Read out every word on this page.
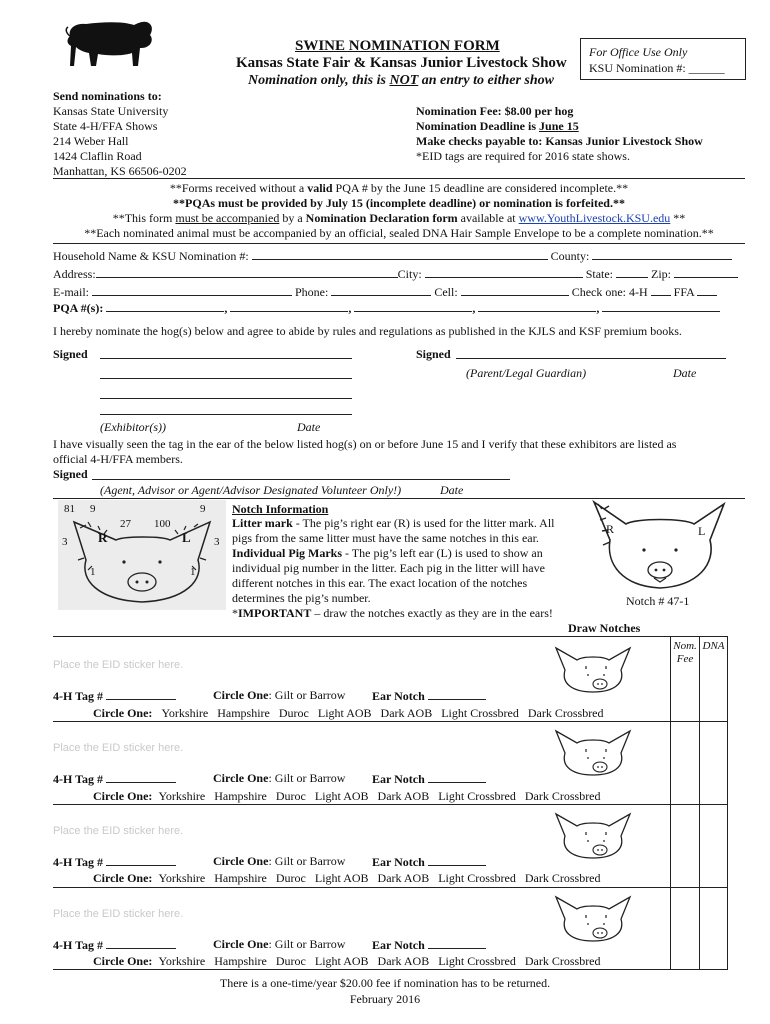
SWINE NOMINATION FORM
Kansas State Fair & Kansas Junior Livestock Show
Nomination only, this is NOT an entry to either show
For Office Use Only
KSU Nomination #: ______
Send nominations to:
Kansas State University
State 4-H/FFA Shows
214 Weber Hall
1424 Claflin Road
Manhattan, KS 66506-0202
Nomination Fee: $8.00 per hog
Nomination Deadline is June 15
Make checks payable to: Kansas Junior Livestock Show
*EID tags are required for 2016 state shows.
**Forms received without a valid PQA # by the June 15 deadline are considered incomplete.**
**PQAs must be provided by July 15 (incomplete deadline) or nomination is forfeited.**
**This form must be accompanied by a Nomination Declaration form available at www.YouthLivestock.KSU.edu **
**Each nominated animal must be accompanied by an official, sealed DNA Hair Sample Envelope to be a complete nomination.**
Household Name & KSU Nomination #:	County:
Address:	City:	State:	Zip:
E-mail:	Phone:	Cell:	Check one: 4-H FFA
PQA #(s):	,	,	,	,
I hereby nominate the hog(s) below and agree to abide by rules and regulations as published in the KJLS and KSF premium books.
Signed
(Exhibitor(s))	Date
Signed
(Parent/Legal Guardian)	Date
I have visually seen the tag in the ear of the below listed hog(s) on or before June 15 and I verify that these exhibitors are listed as
official 4-H/FFA members.
Signed
(Agent, Advisor or Agent/Advisor Designated Volunteer Only!)	Date
81 9	9
27 100
3	3
1	1
R	L
Notch Information
Litter mark - The pig’s right ear (R) is used for the litter mark. All
pigs from the same litter must have the same notches in this ear.
Individual Pig Marks - The pig’s left ear (L) is used to show an
individual pig number in the litter. Each pig in the litter will have
different notches in this ear. The exact location of the notches
determines the pig’s number.
*IMPORTANT – draw the notches exactly as they are in the ears!
R	L
Notch # 47-1
Draw Notches
Nom. Fee
DNA
Place the EID sticker here.
4-H Tag #	Circle One: Gilt or Barrow Ear Notch
Circle One: Yorkshire   Hampshire   Duroc   Light AOB   Dark AOB   Light Crossbred   Dark Crossbred
Place the EID sticker here.
4-H Tag #	Circle One: Gilt or Barrow Ear Notch
Circle One: Yorkshire   Hampshire   Duroc   Light AOB   Dark AOB   Light Crossbred   Dark Crossbred
Place the EID sticker here.
4-H Tag #	Circle One: Gilt or Barrow Ear Notch
Circle One: Yorkshire   Hampshire   Duroc   Light AOB   Dark AOB   Light Crossbred   Dark Crossbred
Place the EID sticker here.
4-H Tag #	Circle One: Gilt or Barrow Ear Notch
Circle One: Yorkshire   Hampshire   Duroc   Light AOB   Dark AOB   Light Crossbred   Dark Crossbred
There is a one-time/year $20.00 fee if nomination has to be returned.
February 2016
